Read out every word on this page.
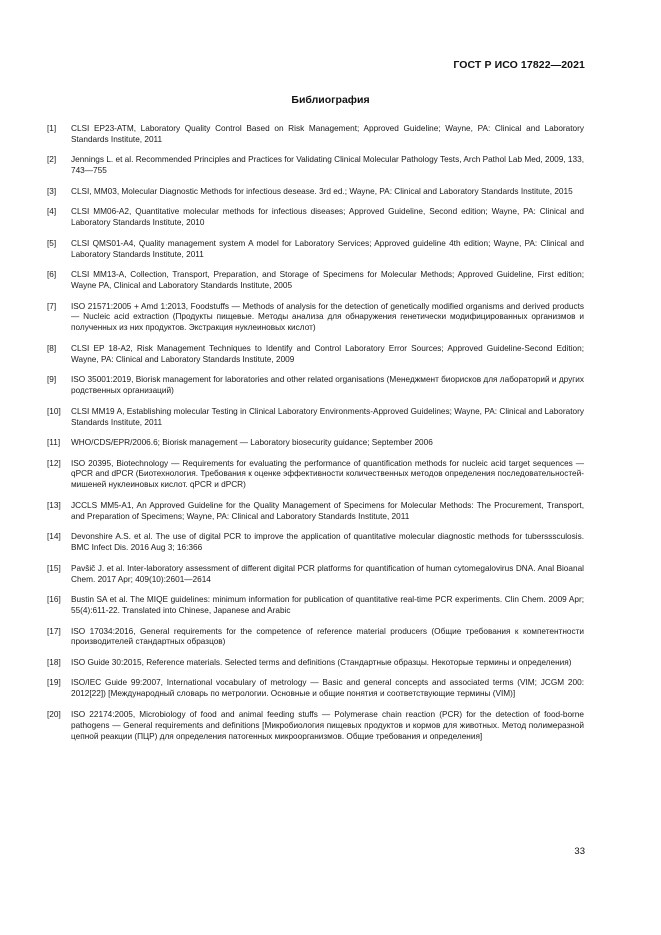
ГОСТ Р ИСО 17822—2021
Библиография
[1]	CLSI EP23-ATM, Laboratory Quality Control Based on Risk Management; Approved Guideline; Wayne, PA: Clinical and Laboratory Standards Institute, 2011
[2]	Jennings L. et al. Recommended Principles and Practices for Validating Clinical Molecular Pathology Tests, Arch Pathol Lab Med, 2009, 133, 743—755
[3]	CLSI, MM03, Molecular Diagnostic Methods for infectious desease. 3rd ed.; Wayne, PA: Clinical and Laboratory Standards Institute, 2015
[4]	CLSI MM06-A2, Quantitative molecular methods for infectious diseases; Approved Guideline, Second edition; Wayne, PA: Clinical and Laboratory Standards Institute, 2010
[5]	CLSI QMS01-A4, Quality management system A model for Laboratory Services; Approved guideline 4th edition; Wayne, PA: Clinical and Laboratory Standards Institute, 2011
[6]	CLSI MM13-A, Collection, Transport, Preparation, and Storage of Specimens for Molecular Methods; Approved Guideline, First edition; Wayne PA, Clinical and Laboratory Standards Institute, 2005
[7]	ISO 21571:2005 + Amd 1:2013, Foodstuffs — Methods of analysis for the detection of genetically modified organisms and derived products — Nucleic acid extraction (Продукты пищевые. Методы анализа для обнаружения генетически модифицированных организмов и полученных из них продуктов. Экстракция нуклеиновых кислот)
[8]	CLSI EP 18-A2, Risk Management Techniques to Identify and Control Laboratory Error Sources; Approved Guideline-Second Edition; Wayne, PA: Clinical and Laboratory Standards Institute, 2009
[9]	ISO 35001:2019, Biorisk management for laboratories and other related organisations (Менеджмент биорисков для лабораторий и других родственных организаций)
[10]	CLSI MM19 A, Establishing molecular Testing in Clinical Laboratory Environments-Approved Guidelines; Wayne, PA: Clinical and Laboratory Standards Institute, 2011
[11]	WHO/CDS/EPR/2006.6; Biorisk management — Laboratory biosecurity guidance; September 2006
[12]	ISO 20395, Biotechnology — Requirements for evaluating the performance of quantification methods for nucleic acid target sequences — qPCR and dPCR (Биотехнология. Требования к оценке эффективности количественных методов определения последовательностей-мишеней нуклеиновых кислот. qPCR и dPCR)
[13]	JCCLS MM5-A1, An Approved Guideline for the Quality Management of Specimens for Molecular Methods: The Procurement, Transport, and Preparation of Specimens; Wayne, PA: Clinical and Laboratory Standards Institute, 2011
[14]	Devonshire A.S. et al. The use of digital PCR to improve the application of quantitative molecular diagnostic methods for tubersssculosis. BMC Infect Dis. 2016 Aug 3; 16:366
[15]	Pavšič J. et al. Inter-laboratory assessment of different digital PCR platforms for quantification of human cytomegalovirus DNA. Anal Bioanal Chem. 2017 Apr; 409(10):2601—2614
[16]	Bustin SA et al. The MIQE guidelines: minimum information for publication of quantitative real-time PCR experiments. Clin Chem. 2009 Apr; 55(4):611-22. Translated into Chinese, Japanese and Arabic
[17]	ISO 17034:2016, General requirements for the competence of reference material producers (Общие требования к компетентности производителей стандартных образцов)
[18]	ISO Guide 30:2015, Reference materials. Selected terms and definitions (Стандартные образцы. Некоторые термины и определения)
[19]	ISO/IEC Guide 99:2007, International vocabulary of metrology — Basic and general concepts and associated terms (VIM; JCGM 200: 2012[22]) [Международный словарь по метрологии. Основные и общие понятия и соответствующие термины (VIM)]
[20]	ISO 22174:2005, Microbiology of food and animal feeding stuffs — Polymerase chain reaction (PCR) for the detection of food-borne pathogens — General requirements and definitions [Микробиология пищевых продуктов и кормов для животных. Метод полимеразной цепной реакции (ПЦР) для определения патогенных микроорганизмов. Общие требования и определения]
33
